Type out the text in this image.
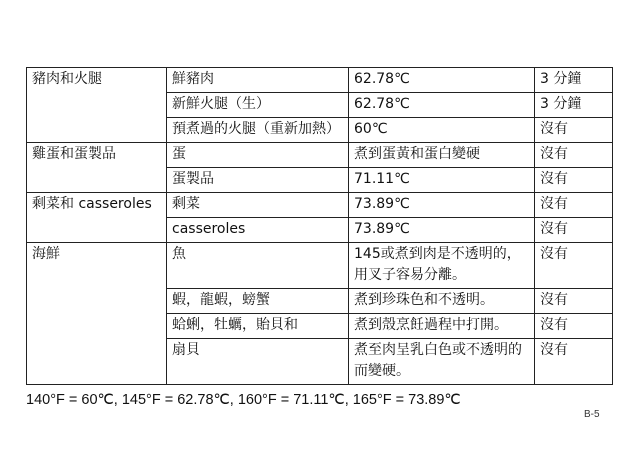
豬肉和火腿	鮮豬肉	62.78℃	3 分鐘
	新鮮火腿（生）	62.78℃	3 分鐘
	預煮過的火腿（重新加熱）	60℃	沒有
雞蛋和蛋製品	蛋	煮到蛋黃和蛋白變硬	沒有
	蛋製品	71.11℃	沒有
剩菜和 casseroles	剩菜	73.89℃	沒有
	casseroles	73.89℃	沒有
海鮮	魚	145或煮到肉是不透明的，用叉子容易分離。	沒有
	蝦，龍蝦，螃蟹	煮到珍珠色和不透明。	沒有
	蛤蜊，牡蠣，貽貝和	煮到殼烹飪過程中打開。	沒有
	扇貝	煮至肉呈乳白色或不透明的而變硬。	沒有
140°F = 60℃, 145°F = 62.78℃, 160°F = 71.11℃, 165°F = 73.89℃
B-5
